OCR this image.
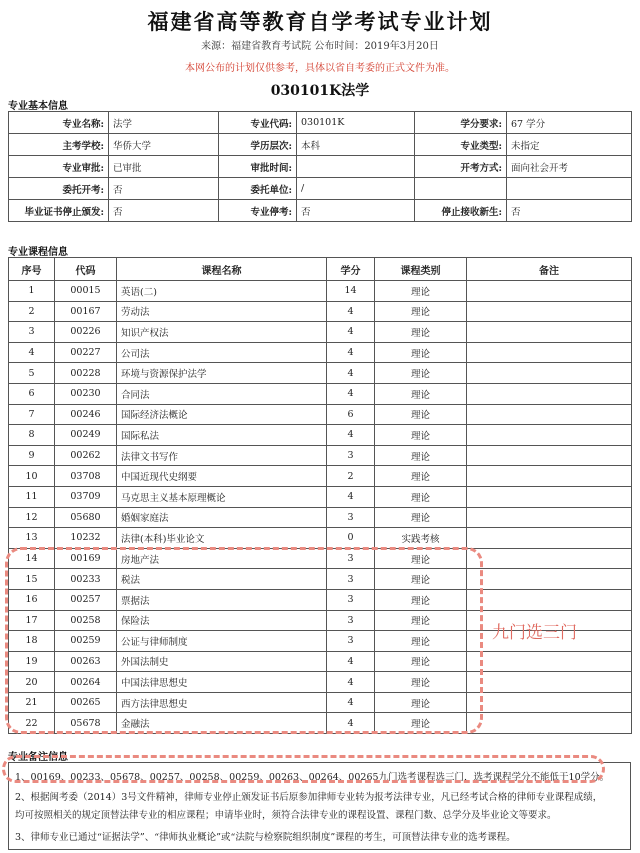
福建省高等教育自学考试专业计划
来源：福建省教育考试院 公布时间：2019年3月20日
本网公布的计划仅供参考，具体以省自考委的正式文件为准。
030101K法学
专业基本信息
专业名称:	法学	专业代码:	030101K	学分要求:	67 学分
主考学校:	华侨大学	学历层次:	本科	专业类型:	未指定
专业审批:	已审批	审批时间:		开考方式:	面向社会开考
委托开考:	否	委托单位:	/		
毕业证书停止颁发:	否	专业停考:	否	停止接收新生:	否
专业课程信息
序号	代码	课程名称	学分	课程类别	备注
1	00015	英语(二)	14	理论	
2	00167	劳动法	4	理论	
3	00226	知识产权法	4	理论	
4	00227	公司法	4	理论	
5	00228	环境与资源保护法学	4	理论	
6	00230	合同法	4	理论	
7	00246	国际经济法概论	6	理论	
8	00249	国际私法	4	理论	
9	00262	法律文书写作	3	理论	
10	03708	中国近现代史纲要	2	理论	
11	03709	马克思主义基本原理概论	4	理论	
12	05680	婚姻家庭法	3	理论	
13	10232	法律(本科)毕业论文	0	实践考核	
14	00169	房地产法	3	理论	
15	00233	税法	3	理论	
16	00257	票据法	3	理论	
17	00258	保险法	3	理论	
18	00259	公证与律师制度	3	理论	
19	00263	外国法制史	4	理论	
20	00264	中国法律思想史	4	理论	
21	00265	西方法律思想史	4	理论	
22	05678	金融法	4	理论	
九门选三门
专业备注信息
1、00169、00233、05678、00257、00258、00259、00263、00264、00265九门选考课程选三门，选考课程学分不能低于10学分。
2、根据闽考委（2014）3号文件精神，律师专业停止颁发证书后原参加律师专业转为报考法律专业，凡已经考试合格的律师专业课程成绩，
均可按照相关的规定顶替法律专业的相应课程；申请毕业时，须符合法律专业的课程设置、课程门数、总学分及毕业论文等要求。
3、律师专业已通过“证据法学”、“律师执业概论”或“法院与检察院组织制度”课程的考生，可顶替法律专业的选考课程。
